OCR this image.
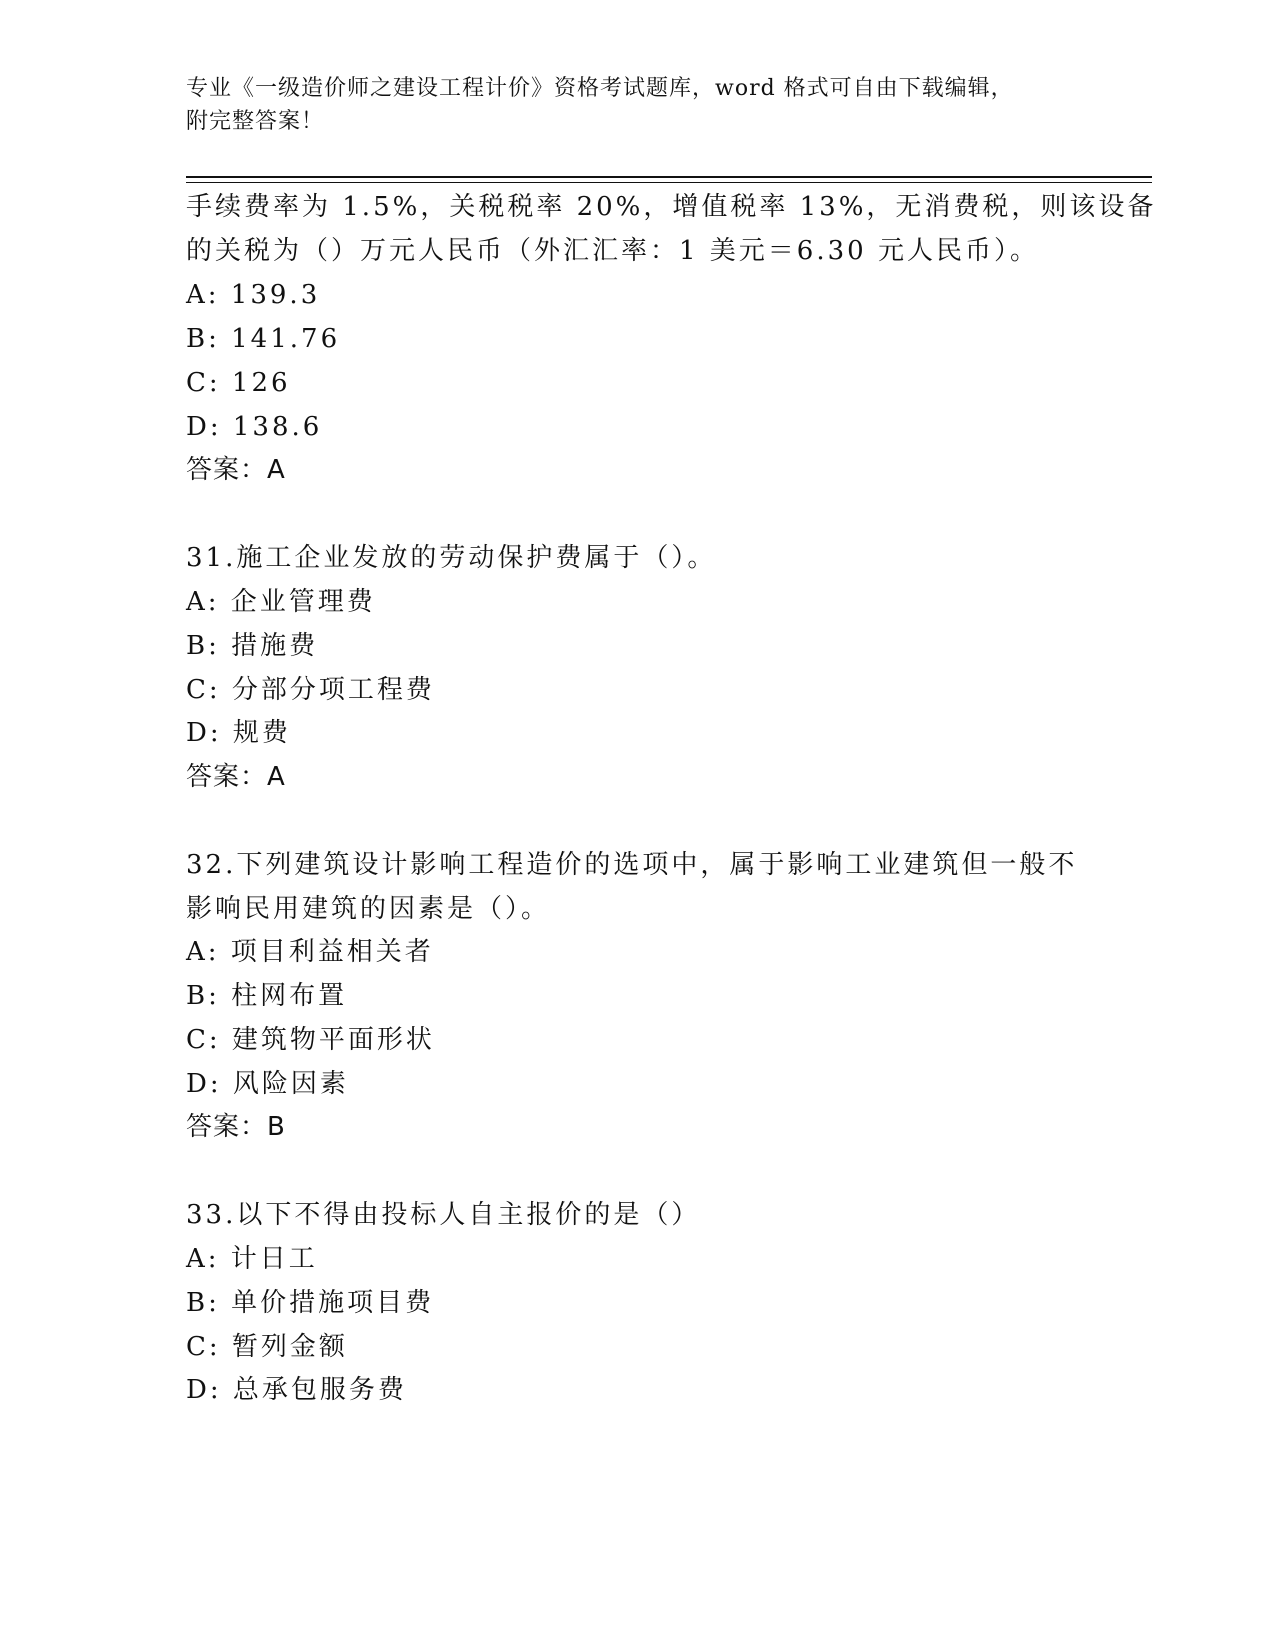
专业《一级造价师之建设工程计价》资格考试题库，word 格式可自由下载编辑，
附完整答案！
手续费率为 1.5%，关税税率 20%，增值税率 13%，无消费税，则该设备
的关税为（）万元人民币（外汇汇率：1 美元＝6.30 元人民币）。
A: 139.3
B: 141.76
C: 126
D: 138.6
答案：A
31.施工企业发放的劳动保护费属于（）。
A: 企业管理费
B: 措施费
C: 分部分项工程费
D: 规费
答案：A
32.下列建筑设计影响工程造价的选项中，属于影响工业建筑但一般不
影响民用建筑的因素是（）。
A: 项目利益相关者
B: 柱网布置
C: 建筑物平面形状
D: 风险因素
答案：B
33.以下不得由投标人自主报价的是（）
A: 计日工
B: 单价措施项目费
C: 暂列金额
D: 总承包服务费
